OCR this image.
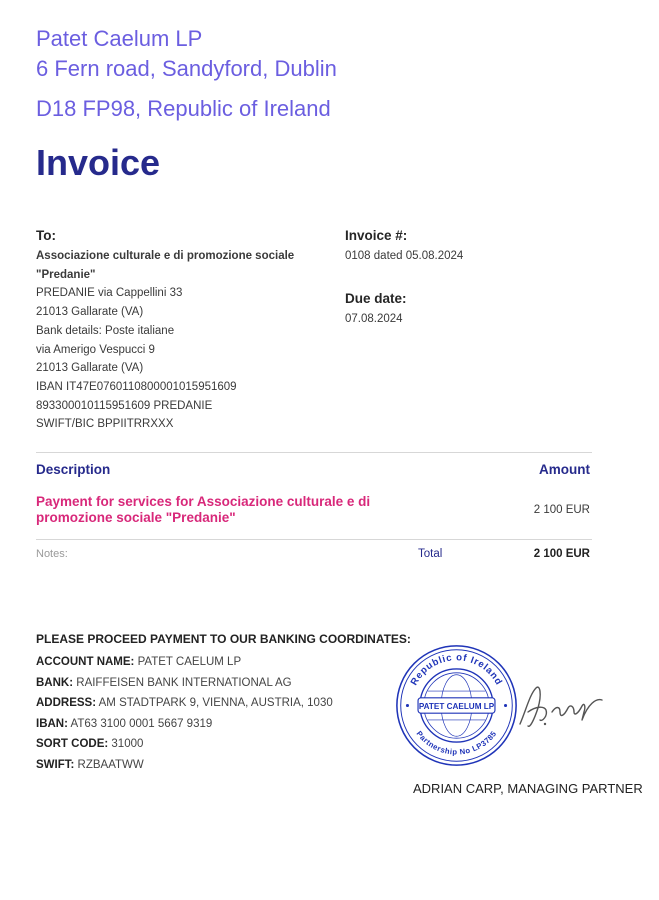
Patet Caelum LP
6 Fern road, Sandyford, Dublin
D18 FP98, Republic of Ireland
Invoice
To:
Associazione culturale e di promozione sociale "Predanie"
PREDANIE via Cappellini 33
21013 Gallarate (VA)
Bank details: Poste italiane
via Amerigo Vespucci 9
21013 Gallarate (VA)
IBAN IT47E0760110800001015951609
893300010115951609 PREDANIE
SWIFT/BIC BPPIITRRXXX
Invoice #:
0108 dated 05.08.2024
Due date:
07.08.2024
Description	Amount
Payment for services for Associazione culturale e di promozione sociale "Predanie"	2 100 EUR
Notes:	Total	2 100 EUR
PLEASE PROCEED PAYMENT TO OUR BANKING COORDINATES:
ACCOUNT NAME: PATET CAELUM LP
BANK: RAIFFEISEN BANK INTERNATIONAL AG
ADDRESS: AM STADTPARK 9, VIENNA, AUSTRIA, 1030
IBAN: AT63 3100 0001 5667 9319
SORT CODE: 31000
SWIFT: RZBAATWW
PATET CAELUM LP
Republic of Ireland
Partnership No LP3785
ADRIAN CARP, MANAGING PARTNER
